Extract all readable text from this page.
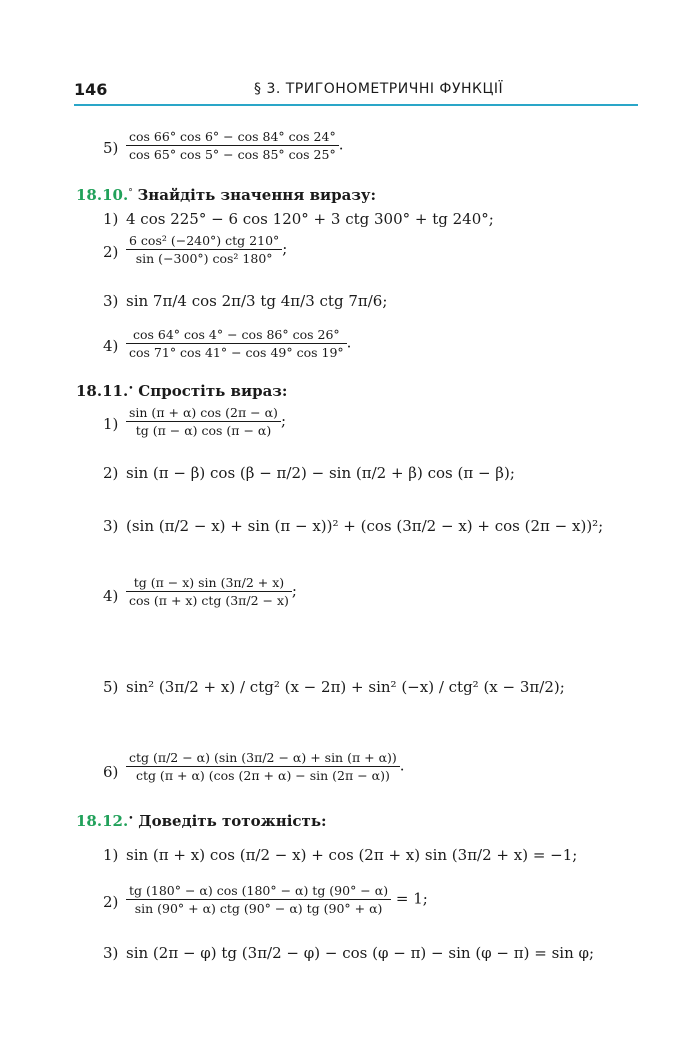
146	§ 3. ТРИГОНОМЕТРИЧНІ ФУНКЦІЇ
$5) \frac{\cos 66^\circ \cos 6^\circ - \cos 84^\circ \cos 24^\circ}{\cos 65^\circ \cos 5^\circ - \cos 85^\circ \cos 25^\circ}$ .
18.10.° Знайдіть значення виразу:
1) 4 cos 225° − 6 cos 120° + 3 ctg 300° + tg 240°;
$2) \frac{\text{6 cos² (−240°) ctg 210°}}{\text{sin (−300°) cos² 180°}}$ ;
3) sin 7π/4 cos 2π/3 tg 4π/3 ctg 7π/6;
$4) \frac{\cos 64^\circ \cos 4^\circ - \cos 86^\circ \cos 26^\circ}{\cos 71^\circ \cos 41^\circ - \cos 49^\circ \cos 19^\circ}$ .
18.11.• Спростіть вираз:
$1) \frac{\sin (\pi + \alpha) \cos (2\pi - \alpha)}{tg (\pi - \alpha) \cos (\pi - \alpha)}$ ;
2) sin (π − β) cos (β − π/2) − sin (π/2 + β) cos (π − β);
3) (sin (π/2 − x) + sin (π − x))² + (cos (3π/2 − x) + cos (2π − x))²;
$4) \frac{tg (\pi - x) \sin (3\pi/2 + x)}{\text{cos (π + x) ctg (3π/2 − x)}}$ ;
5) sin² (3π/2 + x) / ctg² (x − 2π) + sin² (−x) / ctg² (x − 3π/2);
$6) \frac{\text{ctg (π/2 − α) (sin (3π/2 − α) + sin (π + α))}}{\text{ctg (π + α) (cos (2π + α) − sin (2π − α))}}$ .
18.12.• Доведіть тотожність:
1) sin (π + x) cos (π/2 − x) + cos (2π + x) sin (3π/2 + x) = −1;
$2) \frac{tg (180^\circ - \alpha) \cos (180^\circ - \alpha) tg (90^\circ - \alpha)}{\text{sin (90° + α) ctg (90° − α) tg (90° + α)}} = 1$;
3) sin (2π − φ) tg (3π/2 − φ) − cos (φ − π) − sin (φ − π) = sin φ;
